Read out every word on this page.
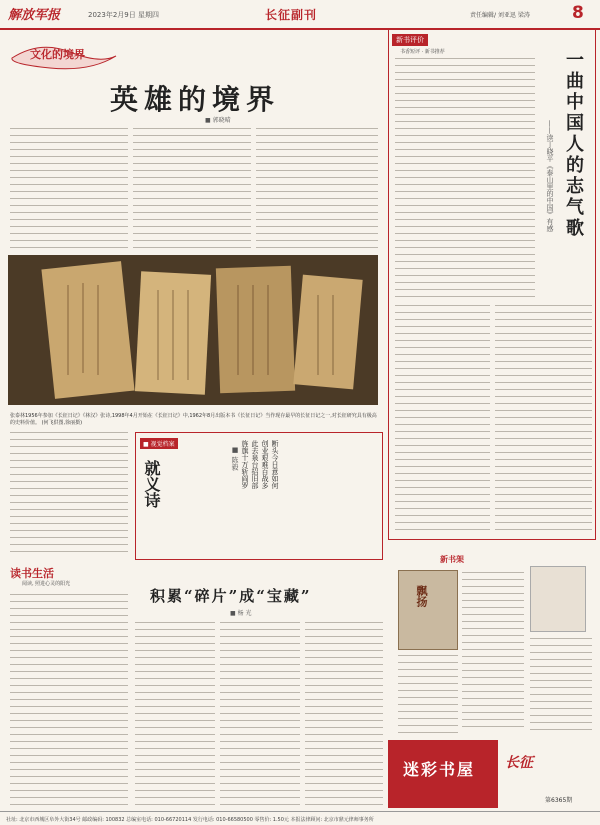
解放军报	2023年2月9日 星期四	长征副刊	责任编辑/ 刘亚迅 梁涛 8
文化的境界
英雄的境界
■ 郭晓晴
张泰林1956年参加《长征日记》《林汉》张诗,1998年4月开始在《长征日记》中,1962年8月出版本书《长征日记》当作现存最早的长征日记之一,对长征研究具有极高的史料价值。 (何飞供图,徐丽摄)
■ 视觉档案
就义诗	断头今日意如何
创业艰难百战多
此去泉台招旧部
旌旗十万斩阎罗
■ 陈毅
新书评价
书香短评 · 新书推荐	一曲中国人的志气歌
——读丁晓平《泰山里的中国》有感
读书生活
阅读, 照进心灵的阳光
积累“碎片”成“宝藏”
■ 杨 光
新书架
飘扬
迷彩书屋 长征
第6365期
社址: 北京市西城区阜外大街34号 邮政编码: 100832 总编室电话: 010-66720114 发行电话: 010-66580500 零售价: 1.50元 本报法律顾问: 北京市鼎元律师事务所
